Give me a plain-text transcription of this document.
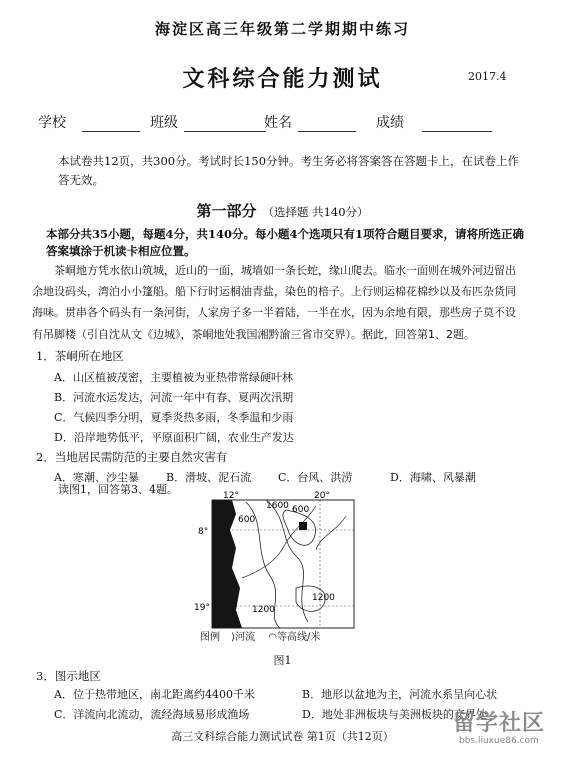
海淀区高三年级第二学期期中练习
文科综合能力测试	2017.4
学校	班级	姓名	成绩
本试卷共12页，共300分。考试时长150分钟。考生务必将答案答在答题卡上，在试卷上作答无效。
第一部分 （选择题 共140分）
本部分共35小题，每题4分，共140分。每小题4个选项只有1项符合题目要求，请将所选正确答案填涂于机读卡相应位置。
茶峒地方凭水依山筑城，近山的一面，城墙如一条长蛇，缘山爬去。临水一面则在城外河边留出余地设码头，湾泊小小篷船。船下行时运桐油青盐，染色的棓子。上行则运棉花棉纱以及布匹杂货同海味。贯串各个码头有一条河街，人家房子多一半着陆，一半在水，因为余地有限，那些房子莫不设有吊脚楼（引自沈从文《边城》，茶峒地处我国湘黔渝三省市交界）。据此，回答第1、2题。
1．茶峒所在地区
A．山区植被茂密，主要植被为亚热带常绿硬叶林
B．河流水运发达，河流一年中有春、夏两次汛期
C．气候四季分明，夏季炎热多雨，冬季温和少雨
D．沿岸地势低平，平原面积广阔，农业生产发达
2．当地居民需防范的主要自然灾害有
A．寒潮、沙尘暴 B．滑坡、泥石流 C．台风、洪涝	D．海啸、风暴潮
读图1，回答第3、4题。	12°	20°
8°
19°
1600
600
600
1200
1200
图例 ⟩河流 ◠等高线/米
图1
3．图示地区
A．位于热带地区，南北距离约4400千米	B．地形以盆地为主，河流水系呈向心状
C．洋流向北流动，流经海域易形成渔场	D．地处非洲板块与美洲板块的交界处
高三文科综合能力测试试卷 第1页（共12页）
留学社区
bbs.liuxue86.com
